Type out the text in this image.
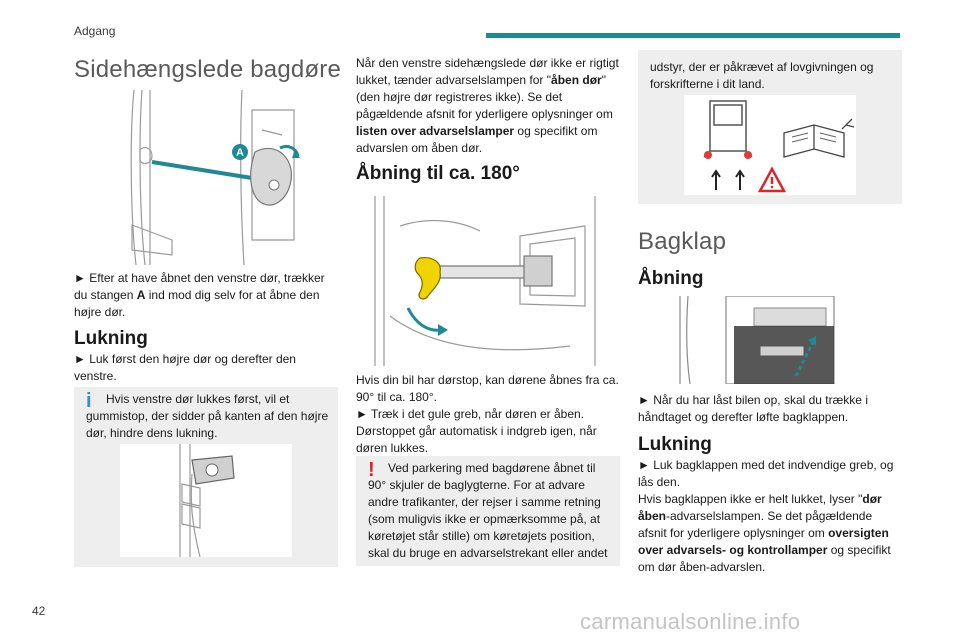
Adgang
Sidehængslede bagdøre
A

► Efter at have åbnet den venstre dør, trækker du stangen A ind mod dig selv for at åbne den højre dør.

Lukning

► Luk først den højre dør og derefter den venstre.

i	Hvis venstre dør lukkes først, vil et gummistop, der sidder på kanten af den højre dør, hindre dens lukning.

Når den venstre sidehængslede dør ikke er rigtigt lukket, tænder advarselslampen for "åben dør" (den højre dør registreres ikke). Se det pågældende afsnit for yderligere oplysninger om listen over advarselslamper og specifikt om advarslen om åben dør.

Åbning til ca. 180°

Hvis din bil har dørstop, kan dørene åbnes fra ca. 90° til ca. 180°.

► Træk i det gule greb, når døren er åben. Dørstoppet går automatisk i indgreb igen, når døren lukkes.

!	Ved parkering med bagdørene åbnet til 90° skjuler de baglygterne. For at advare andre trafikanter, der rejser i samme retning (som muligvis ikke er opmærksomme på, at køretøjet står stille) om køretøjets position, skal du bruge en advarselstrekant eller andet

udstyr, der er påkrævet af lovgivningen og forskrifterne i dit land.

Bagklap
Åbning

► Når du har låst bilen op, skal du trække i håndtaget og derefter løfte bagklappen.

Lukning

► Luk bagklappen med det indvendige greb, og lås den.

Hvis bagklappen ikke er helt lukket, lyser "dør åben-advarselslampen. Se det pågældende afsnit for yderligere oplysninger om oversigten over advarsels- og kontrollamper og specifikt om dør åben-advarslen.

42	carmanualsonline.info
